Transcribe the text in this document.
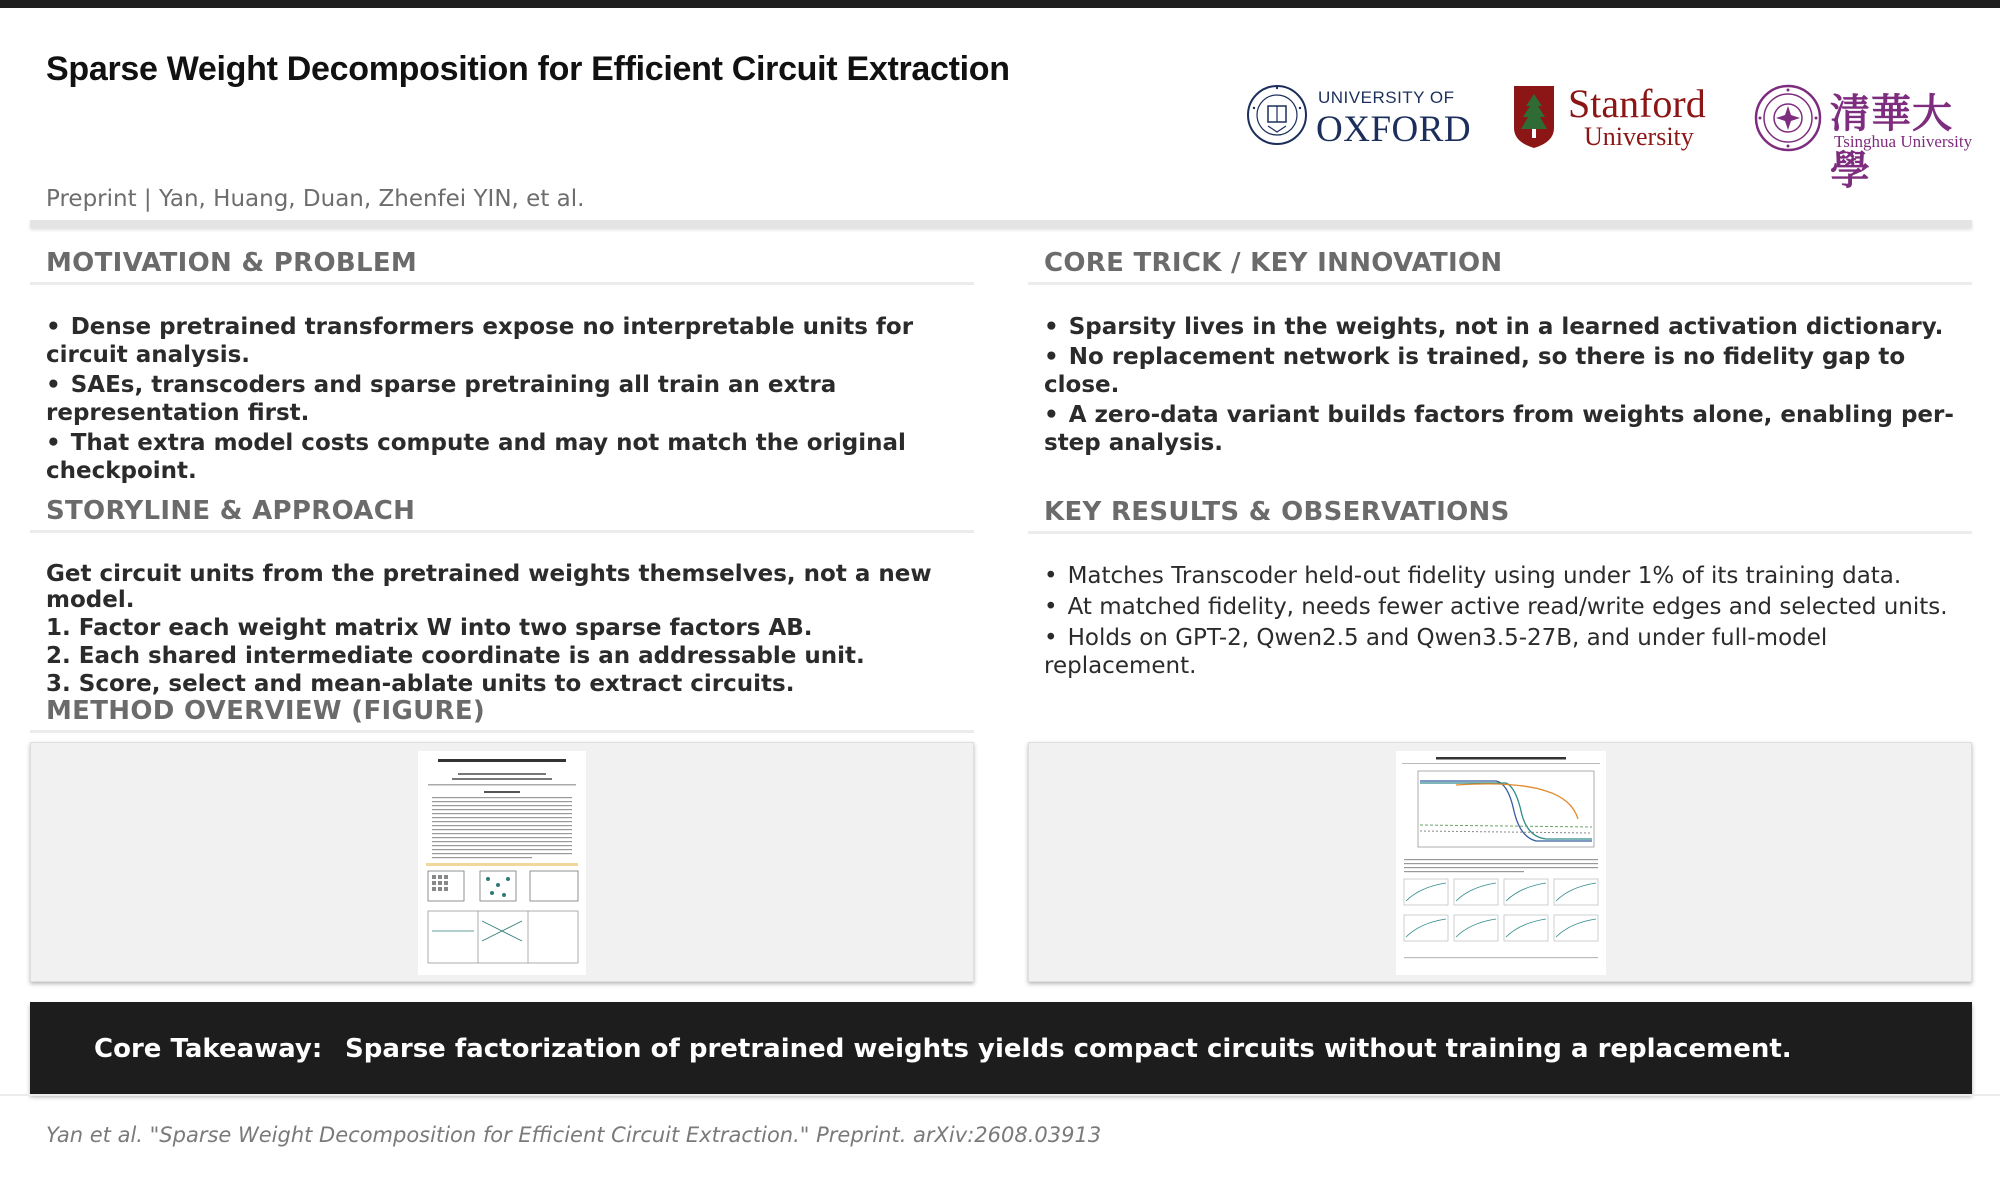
Sparse Weight Decomposition for Efficient Circuit Extraction
UNIVERSITY OF
OXFORD
Stanford
University	清華大學
Tsinghua University
Preprint | Yan, Huang, Duan, Zhenfei YIN, et al.
MOTIVATION & PROBLEM
• Dense pretrained transformers expose no interpretable units for circuit analysis.
• SAEs, transcoders and sparse pretraining all train an extra representation first.
• That extra model costs compute and may not match the original checkpoint.
CORE TRICK / KEY INNOVATION
• Sparsity lives in the weights, not in a learned activation dictionary.
• No replacement network is trained, so there is no fidelity gap to close.
• A zero-data variant builds factors from weights alone, enabling per-step analysis.
STORYLINE & APPROACH
Get circuit units from the pretrained weights themselves, not a new model.
1. Factor each weight matrix W into two sparse factors AB.
2. Each shared intermediate coordinate is an addressable unit.
3. Score, select and mean-ablate units to extract circuits.
KEY RESULTS & OBSERVATIONS
• Matches Transcoder held-out fidelity using under 1% of its training data.
• At matched fidelity, needs fewer active read/write edges and selected units.
• Holds on GPT-2, Qwen2.5 and Qwen3.5-27B, and under full-model replacement.
METHOD OVERVIEW (FIGURE)
Core Takeaway: Sparse factorization of pretrained weights yields compact circuits without training a replacement.
Yan et al. "Sparse Weight Decomposition for Efficient Circuit Extraction." Preprint. arXiv:2608.03913
